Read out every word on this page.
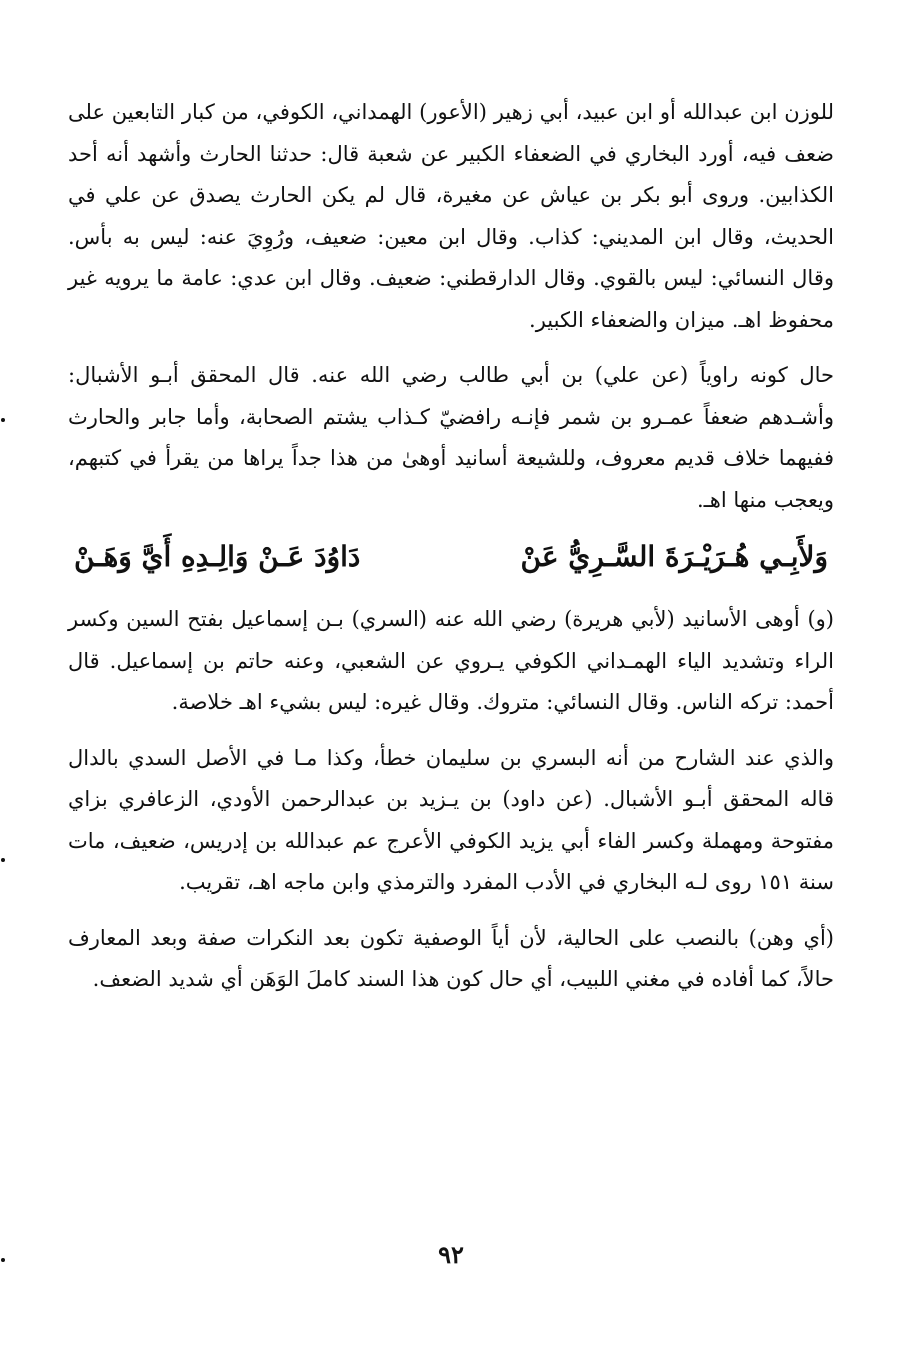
للوزن ابن عبدالله أو ابن عبيد، أبي زهير (الأعور) الهمداني، الكوفي، من كبار التابعين على ضعف فيه، أورد البخاري في الضعفاء الكبير عن شعبة قال: حدثنا الحارث وأشهد أنه أحد الكذابين. وروى أبو بكر بن عياش عن مغيرة، قال لم يكن الحارث يصدق عن علي في الحديث، وقال ابن المديني: كذاب. وقال ابن معين: ضعيف، ورُوِيَ عنه: ليس به بأس. وقال النسائي: ليس بالقوي. وقال الدارقطني: ضعيف. وقال ابن عدي: عامة ما يرويه غير محفوظ اهـ. ميزان والضعفاء الكبير.

حال كونه راوياً (عن علي) بن أبي طالب رضي الله عنه. قال المحقق أبـو الأشبال: وأشـدهم ضعفاً عمـرو بن شمر فإنـه رافضيّ كـذاب يشتم الصحابة، وأما جابر والحارث ففيهما خلاف قديم معروف، وللشيعة أسانيد أوهىٰ من هذا جداً يراها من يقرأ في كتبهم، ويعجب منها اهـ.

وَلأَبِـي هُـرَيْـرَةَ السَّـرِيُّ عَنْ
دَاوُدَ عَـنْ وَالِـدِهِ أَيَّ وَهَـنْ

(و) أوهى الأسانيد (لأبي هريرة) رضي الله عنه (السري) بـن إسماعيل بفتح السين وكسر الراء وتشديد الياء الهمـداني الكوفي يـروي عن الشعبي، وعنه حاتم بن إسماعيل. قال أحمد: تركه الناس. وقال النسائي: متروك. وقال غيره: ليس بشيء اهـ خلاصة.

والذي عند الشارح من أنه البسري بن سليمان خطأ، وكذا مـا في الأصل السدي بالدال قاله المحقق أبـو الأشبال. (عن داود) بن يـزيد بن عبدالرحمن الأودي، الزعافري بزاي مفتوحة ومهملة وكسر الفاء أبي يزيد الكوفي الأعرج عم عبدالله بن إدريس، ضعيف، مات سنة ١٥١ روى لـه البخاري في الأدب المفرد والترمذي وابن ماجه اهـ، تقريب.

(أي وهن) بالنصب على الحالية، لأن أياً الوصفية تكون بعد النكرات صفة وبعد المعارف حالاً، كما أفاده في مغني اللبيب، أي حال كون هذا السند كاملَ الوَهَن أي شديد الضعف.

٩٢
